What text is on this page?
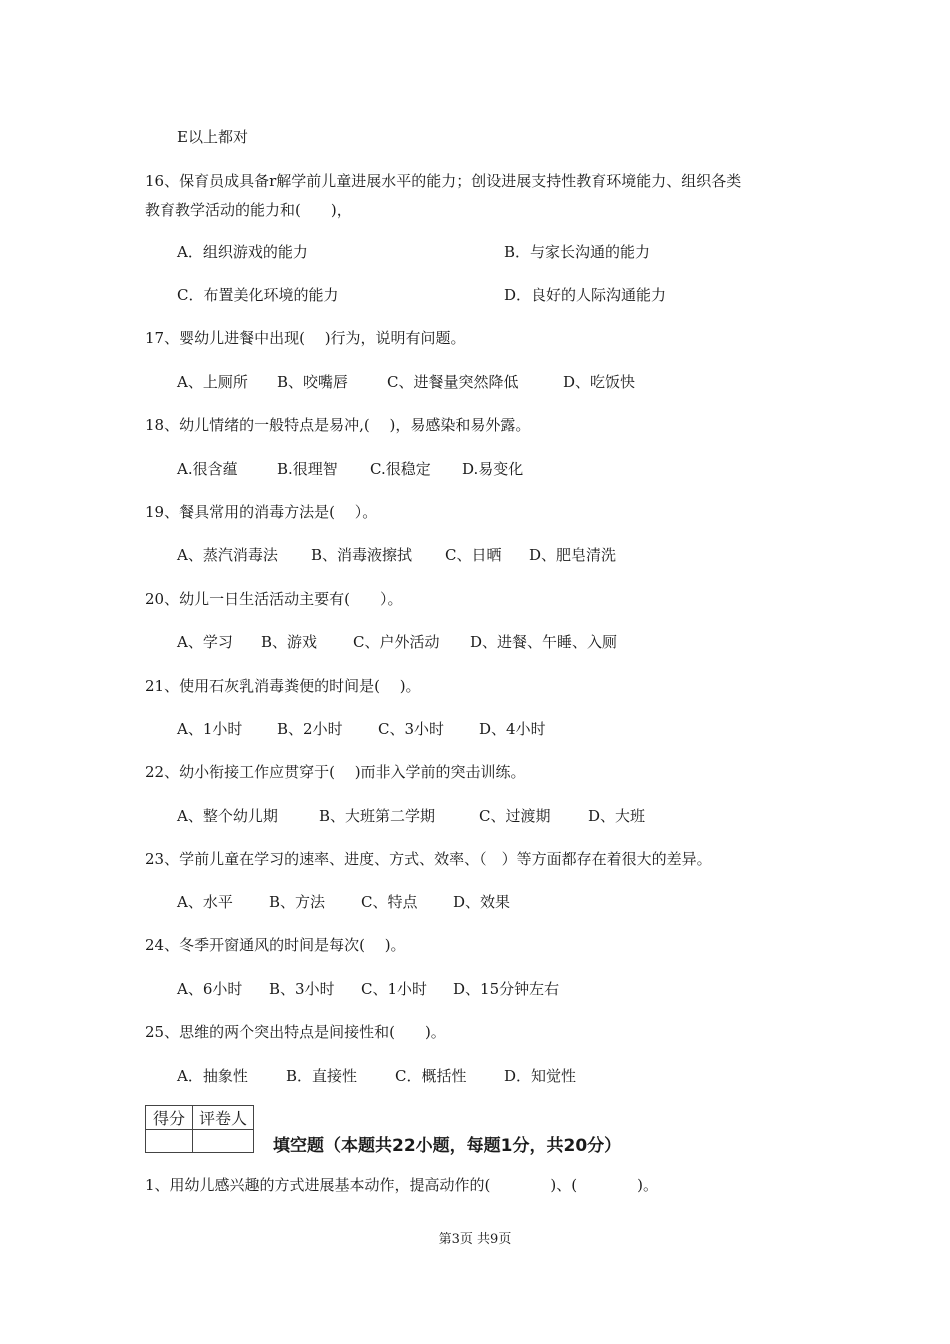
E以上都对
16、保育员成具备r解学前儿童进展水平的能力；创设进展支持性教育环境能力、组织各类
教育教学活动的能力和(　　)，
A．组织游戏的能力	B．与家长沟通的能力
C．布置美化环境的能力	D．良好的人际沟通能力
17、婴幼儿进餐中出现(　 )行为，说明有问题。
A、上厕所 B、咬嘴唇	C、进餐量突然降低	D、吃饭快
18、幼儿情绪的一般特点是易冲,(　 )，易感染和易外露。
A.很含蕴	B.很理智 C.很稳定 D.易变化
19、餐具常用的消毒方法是(　 ）。
A、蒸汽消毒法 B、消毒液擦拭 C、日晒 D、肥皂清洗
20、幼儿一日生活活动主要有(　　）。
A、学习 B、游戏 C、户外活动 D、进餐、午睡、入厕
21、使用石灰乳消毒粪便的时间是(　 )。
A、1小时 B、2小时 C、3小时 D、4小时
22、幼小衔接工作应贯穿于(　 )而非入学前的突击训练。
A、整个幼儿期	B、大班第二学期	C、过渡期	D、大班
23、学前儿童在学习的速率、进度、方式、效率、（　）等方面都存在着很大的差异。
A、水平 B、方法 C、特点 D、效果
24、冬季开窗通风的时间是每次(　 )。
A、6小时 B、3小时 C、1小时 D、15分钟左右
25、思维的两个突出特点是间接性和(　　)。
A．抽象性	B．直接性	C．概括性	D．知觉性
得分	评卷人

填空题（本题共22小题，每题1分，共20分）
1、用幼儿感兴趣的方式进展基本动作，提高动作的(　　　　)、(　　　　)。
第3页 共9页
